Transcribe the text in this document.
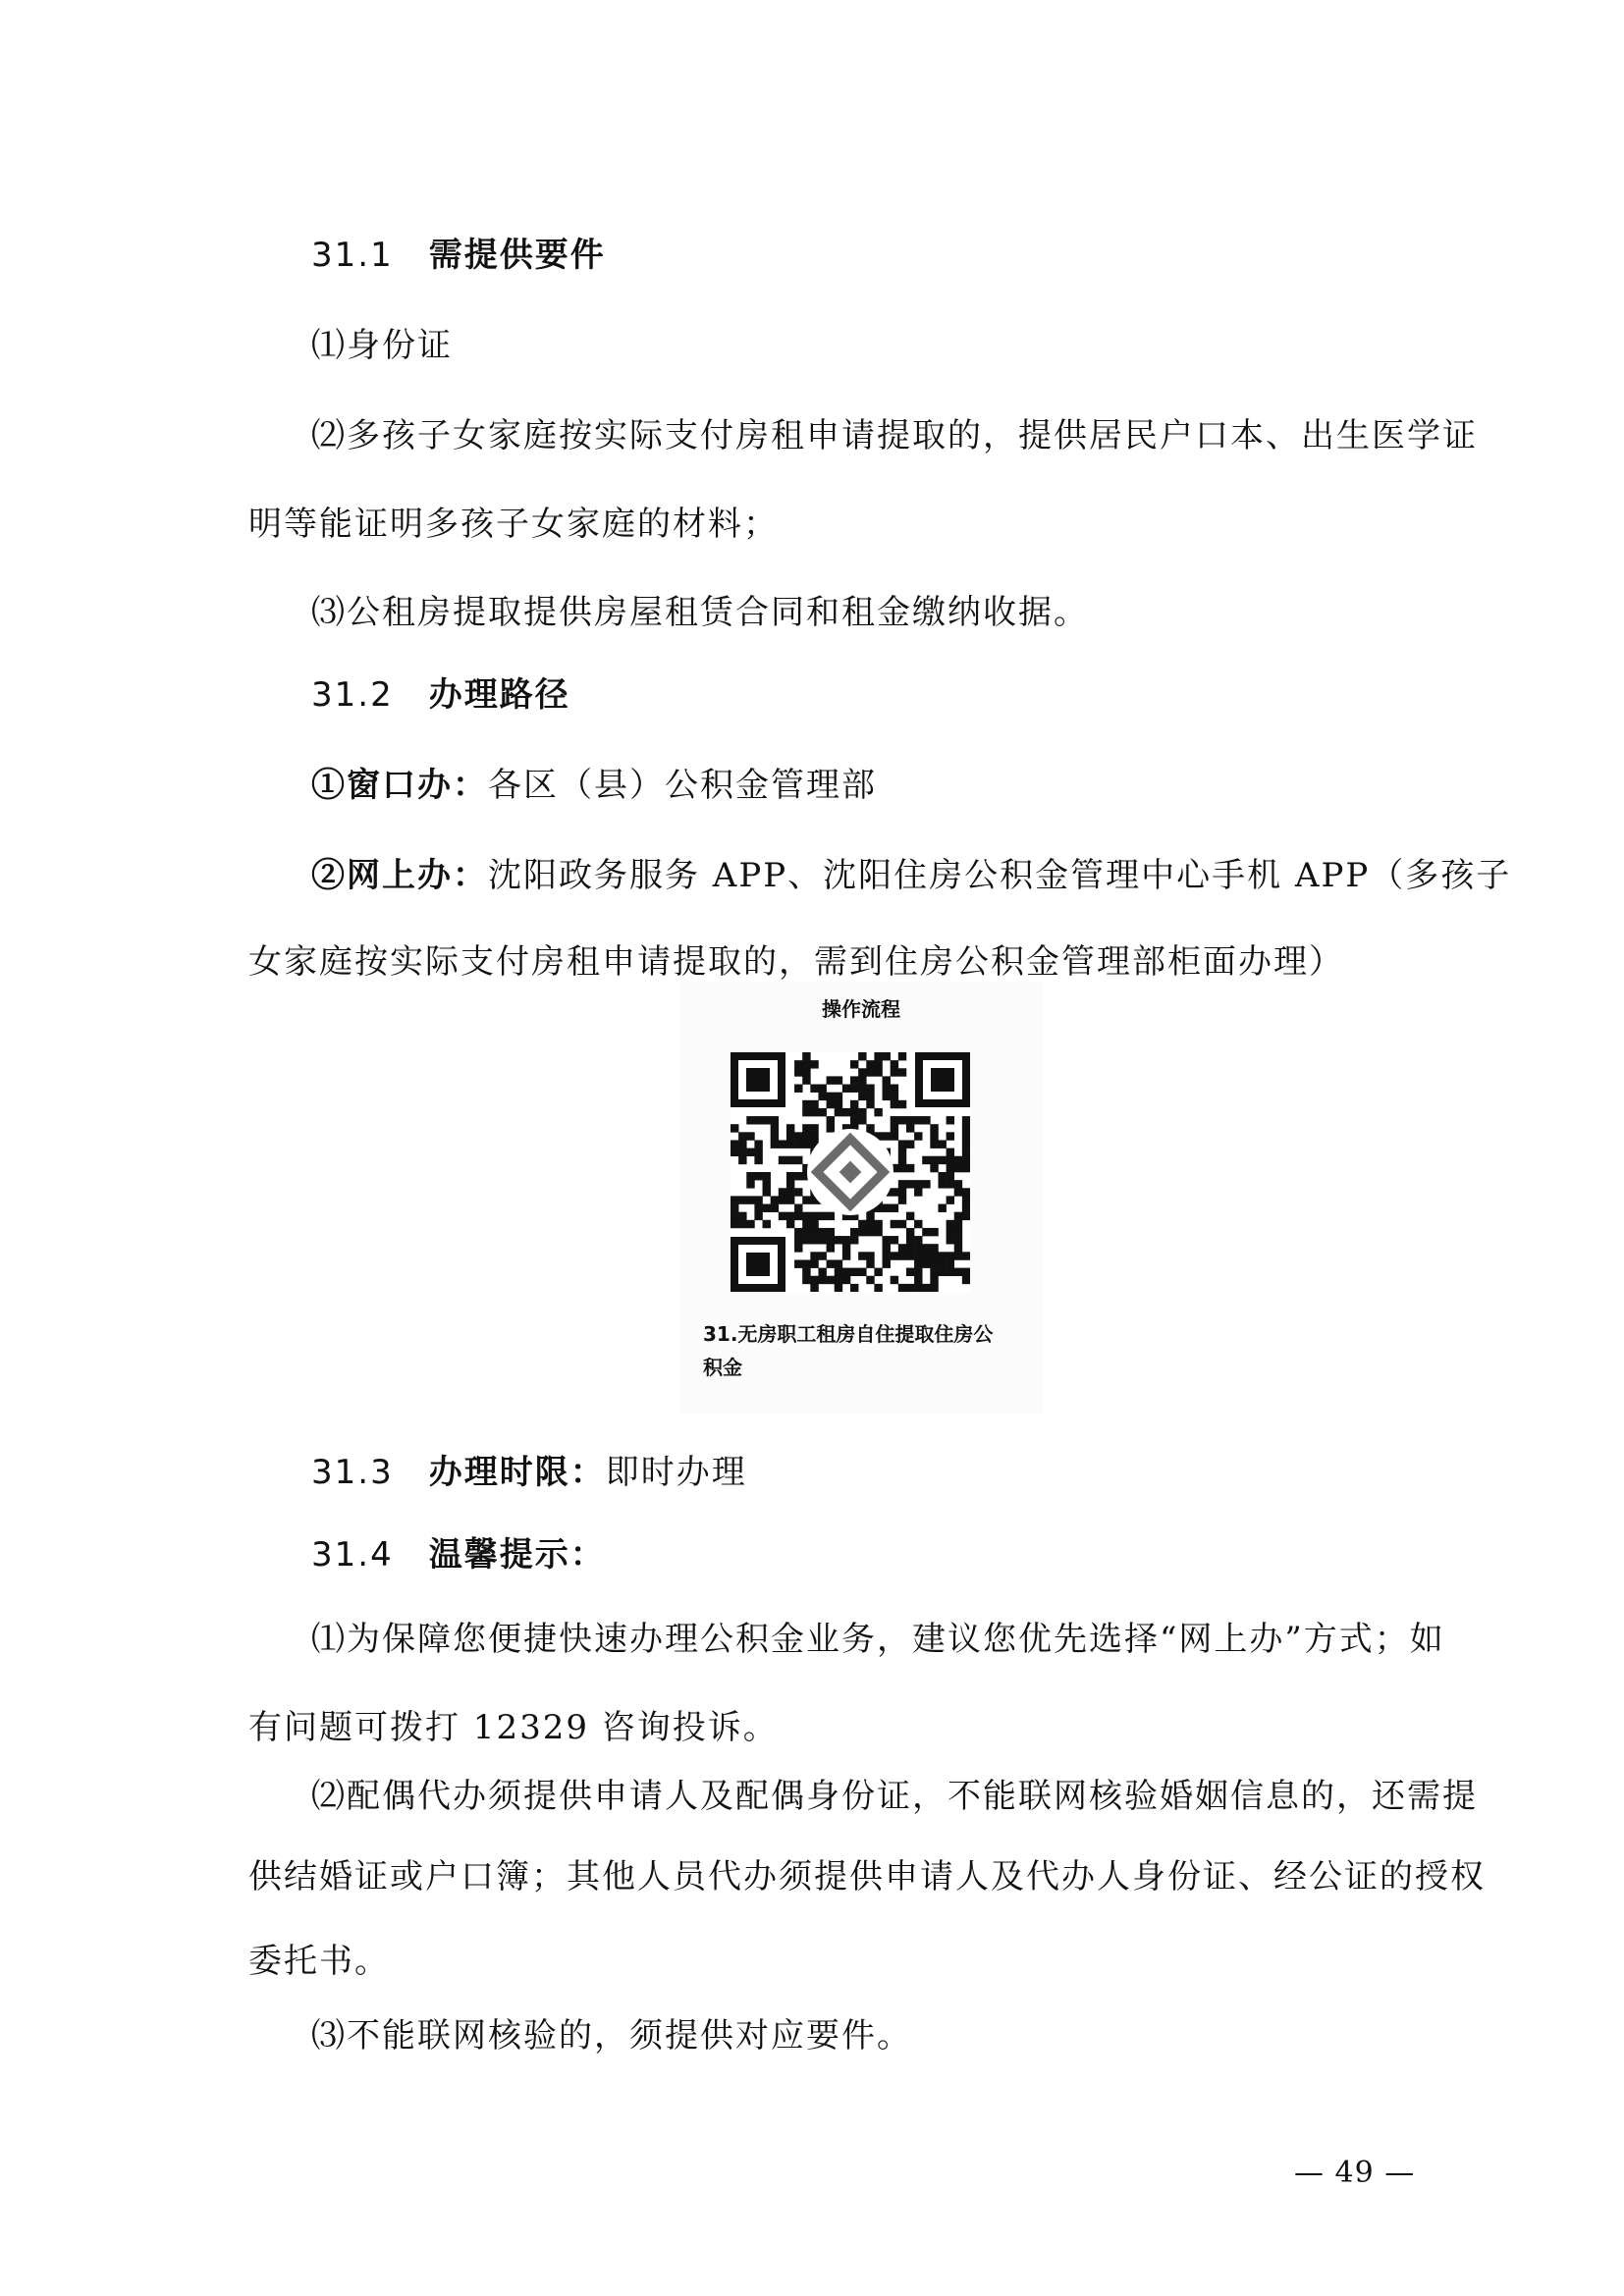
31.1 需提供要件
⑴身份证
⑵多孩子女家庭按实际支付房租申请提取的，提供居民户口本、出生医学证
明等能证明多孩子女家庭的材料；
⑶公租房提取提供房屋租赁合同和租金缴纳收据。
31.2 办理路径
①窗口办：各区（县）公积金管理部
②网上办：沈阳政务服务 APP、沈阳住房公积金管理中心手机 APP（多孩子
女家庭按实际支付房租申请提取的，需到住房公积金管理部柜面办理）
操作流程
31.无房职工租房自住提取住房公
积金
31.3 办理时限：即时办理
31.4 温馨提示：
⑴为保障您便捷快速办理公积金业务，建议您优先选择“网上办”方式；如
有问题可拨打 12329 咨询投诉。
⑵配偶代办须提供申请人及配偶身份证，不能联网核验婚姻信息的，还需提
供结婚证或户口簿；其他人员代办须提供申请人及代办人身份证、经公证的授权
委托书。
⑶不能联网核验的，须提供对应要件。
— 49 —
